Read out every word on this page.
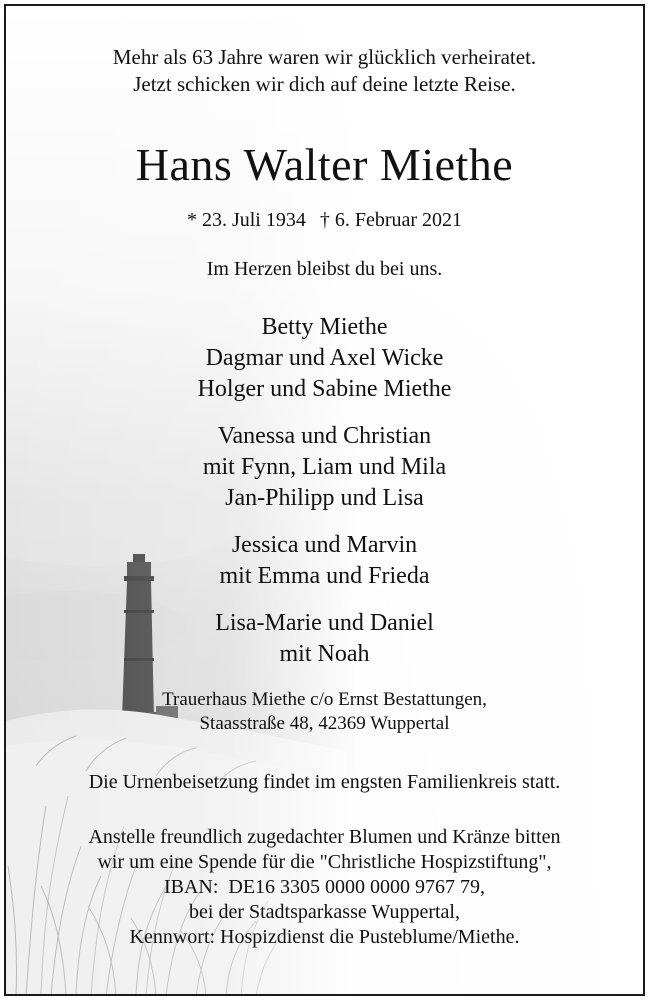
Mehr als 63 Jahre waren wir glücklich verheiratet.
Jetzt schicken wir dich auf deine letzte Reise.
Hans Walter Miethe
* 23. Juli 1934 † 6. Februar 2021
Im Herzen bleibst du bei uns.
Betty Miethe
Dagmar und Axel Wicke
Holger und Sabine Miethe
Vanessa und Christian
mit Fynn, Liam und Mila
Jan-Philipp und Lisa
Jessica und Marvin
mit Emma und Frieda
Lisa-Marie und Daniel
mit Noah
Trauerhaus Miethe c/o Ernst Bestattungen,
Staasstraße 48, 42369 Wuppertal
Die Urnenbeisetzung findet im engsten Familienkreis statt.
Anstelle freundlich zugedachter Blumen und Kränze bitten
wir um eine Spende für die "Christliche Hospizstiftung",
IBAN:  DE16 3305 0000 0000 9767 79,
bei der Stadtsparkasse Wuppertal,
Kennwort: Hospizdienst die Pusteblume/Miethe.
